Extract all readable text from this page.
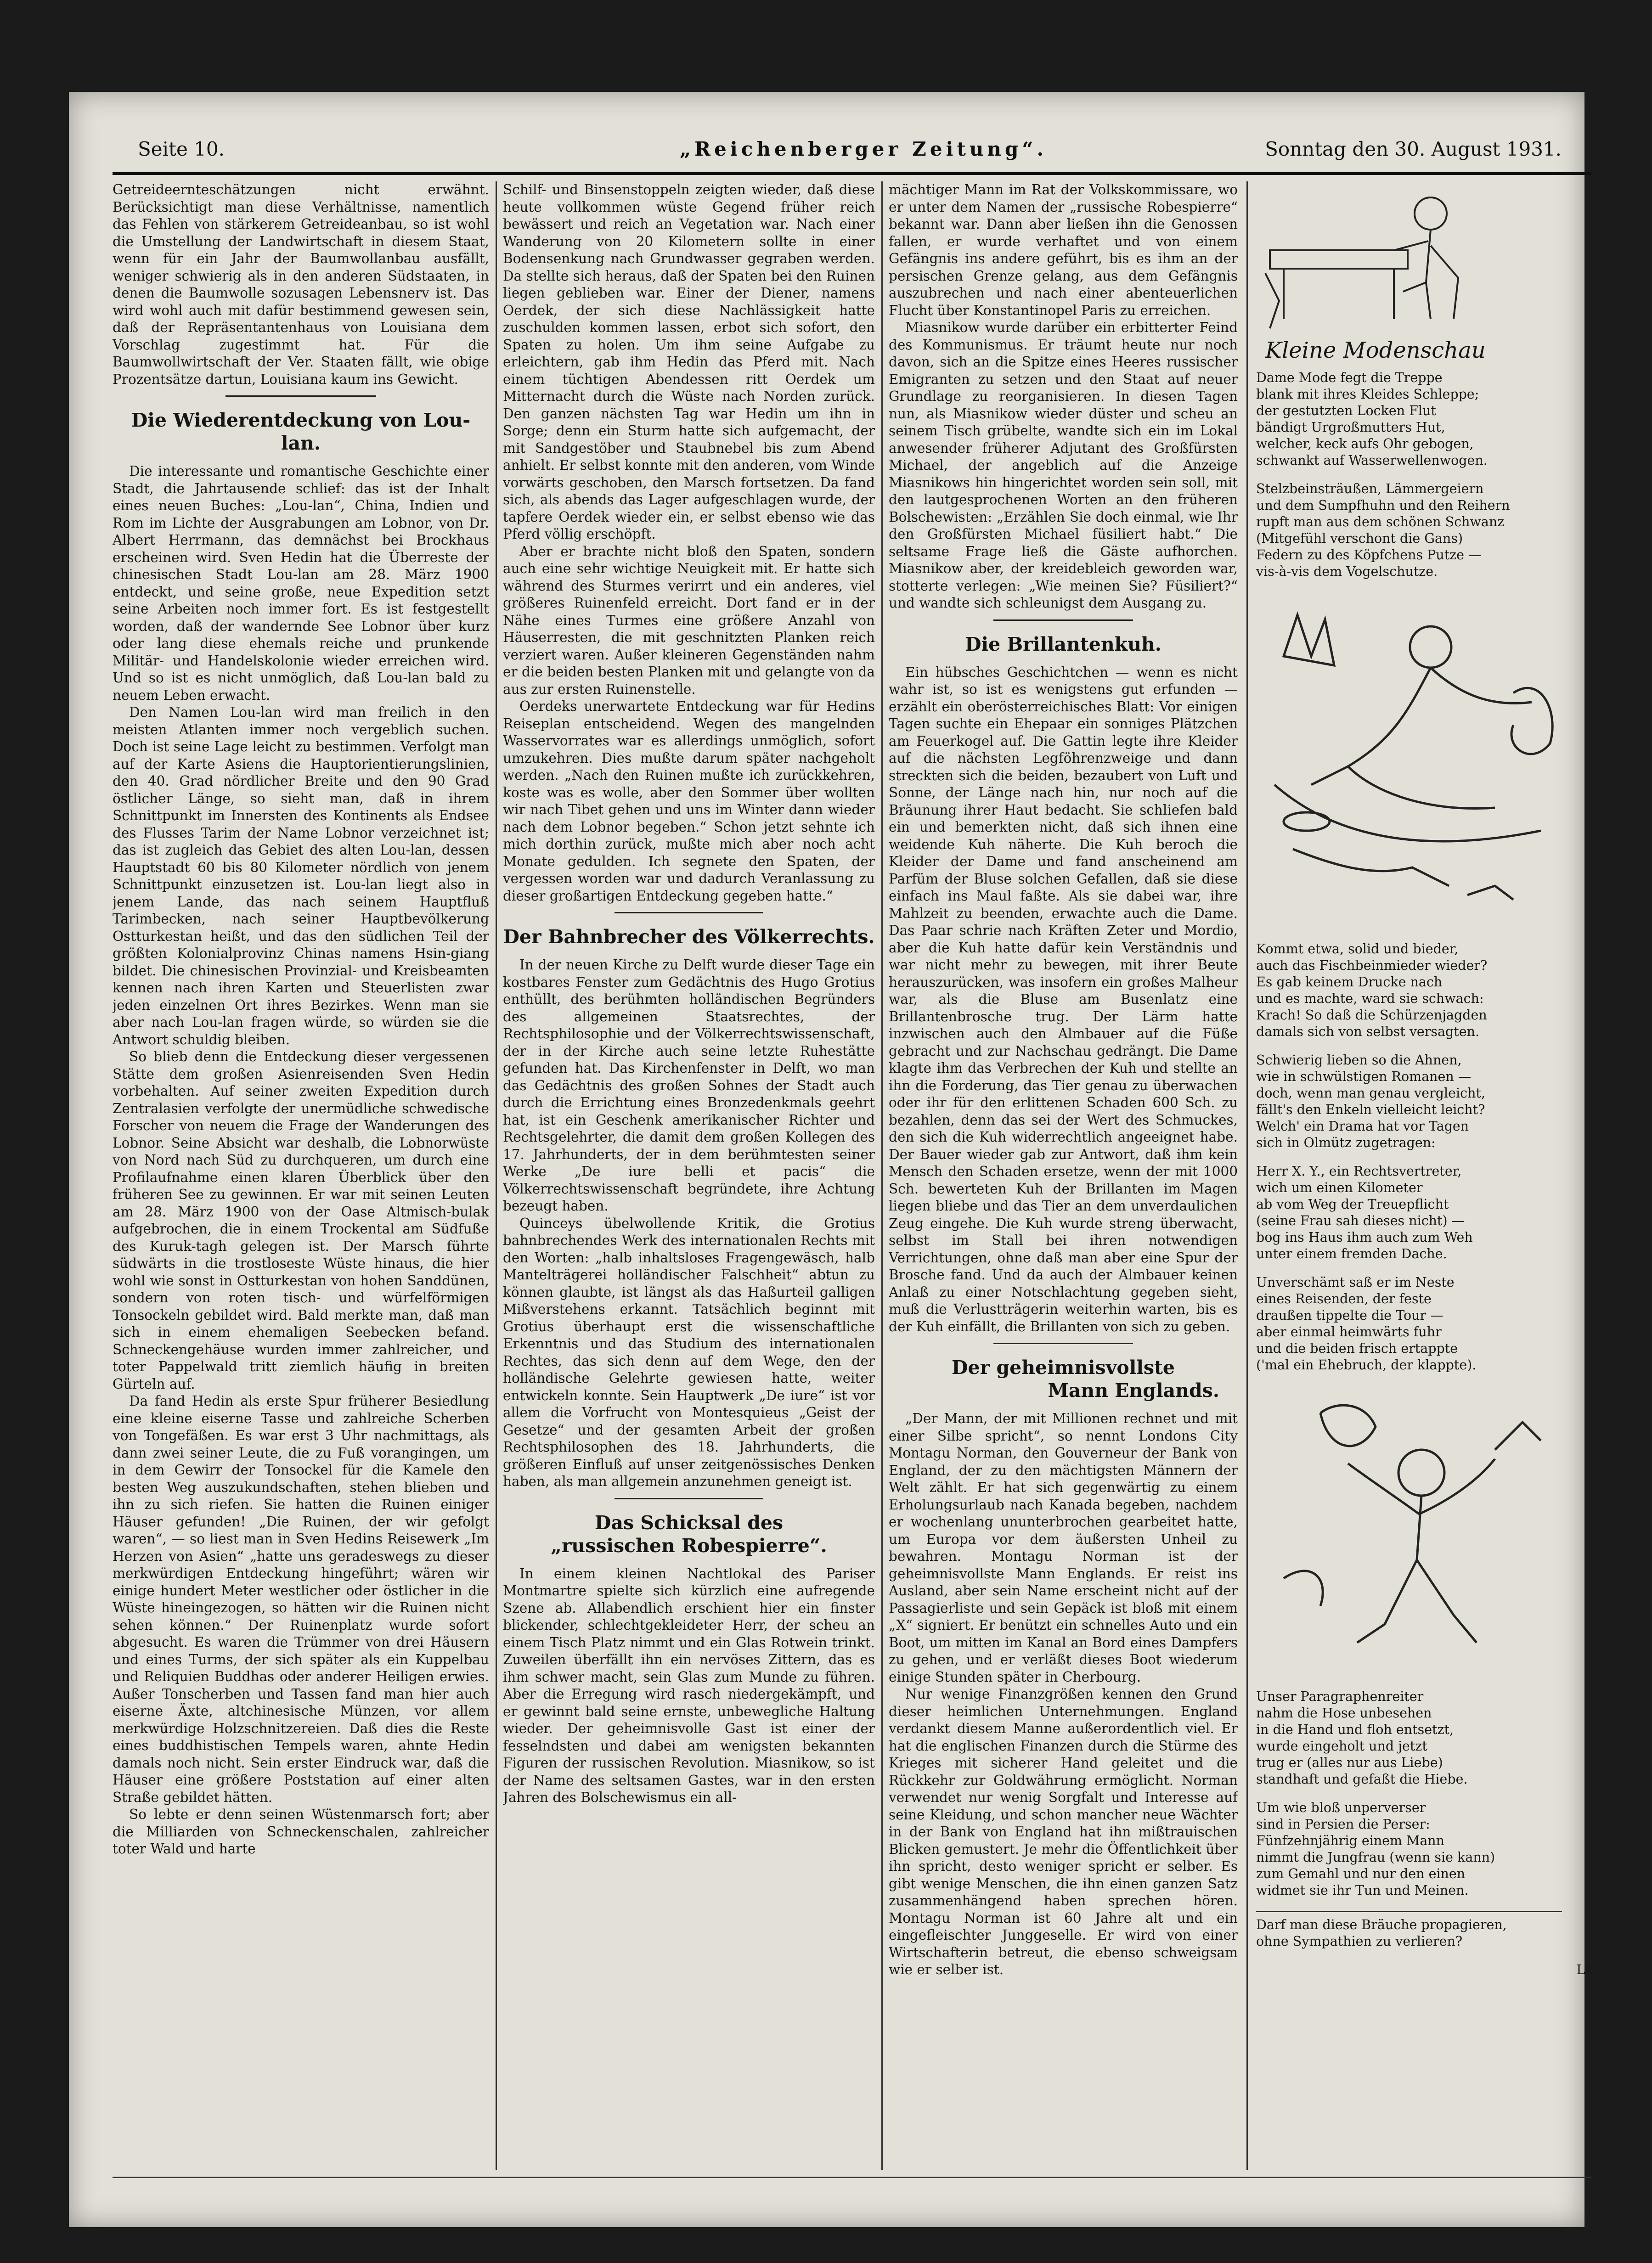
Seite 10.	„Reichenberger Zeitung“.	Sonntag den 30. August 1931.

Getreideernteschätzungen nicht erwähnt. Berücksichtigt man diese Verhältnisse, namentlich das Fehlen von stärkerem Getreideanbau, so ist wohl die Umstellung der Landwirtschaft in diesem Staat, wenn für ein Jahr der Baumwollanbau ausfällt, weniger schwierig als in den anderen Südstaaten, in denen die Baumwolle sozusagen Lebensnerv ist. Das wird wohl auch mit dafür bestimmend gewesen sein, daß der Repräsentantenhaus von Louisiana dem Vorschlag zugestimmt hat. Für die Baumwollwirtschaft der Ver. Staaten fällt, wie obige Prozentsätze dartun, Louisiana kaum ins Gewicht.

Die Wiederentdeckung von Lou-lan.

Die interessante und romantische Geschichte einer Stadt, die Jahrtausende schlief: das ist der Inhalt eines neuen Buches: „Lou-lan“, China, Indien und Rom im Lichte der Ausgrabungen am Lobnor, von Dr. Albert Herrmann, das demnächst bei Brockhaus erscheinen wird. Sven Hedin hat die Überreste der chinesischen Stadt Lou-lan am 28. März 1900 entdeckt, und seine große, neue Expedition setzt seine Arbeiten noch immer fort. Es ist festgestellt worden, daß der wandernde See Lobnor über kurz oder lang diese ehemals reiche und prunkende Militär- und Handelskolonie wieder erreichen wird. Und so ist es nicht unmöglich, daß Lou-lan bald zu neuem Leben erwacht.

Den Namen Lou-lan wird man freilich in den meisten Atlanten immer noch vergeblich suchen. Doch ist seine Lage leicht zu bestimmen. Verfolgt man auf der Karte Asiens die Hauptorientierungslinien, den 40. Grad nördlicher Breite und den 90 Grad östlicher Länge, so sieht man, daß in ihrem Schnittpunkt im Innersten des Kontinents als Endsee des Flusses Tarim der Name Lobnor verzeichnet ist; das ist zugleich das Gebiet des alten Lou-lan, dessen Hauptstadt 60 bis 80 Kilometer nördlich von jenem Schnittpunkt einzusetzen ist. Lou-lan liegt also in jenem Lande, das nach seinem Hauptfluß Tarimbecken, nach seiner Hauptbevölkerung Ostturkestan heißt, und das den südlichen Teil der größten Kolonialprovinz Chinas namens Hsin-giang bildet. Die chinesischen Provinzial- und Kreisbeamten kennen nach ihren Karten und Steuerlisten zwar jeden einzelnen Ort ihres Bezirkes. Wenn man sie aber nach Lou-lan fragen würde, so würden sie die Antwort schuldig bleiben.

So blieb denn die Entdeckung dieser vergessenen Stätte dem großen Asienreisenden Sven Hedin vorbehalten. Auf seiner zweiten Expedition durch Zentralasien verfolgte der unermüdliche schwedische Forscher von neuem die Frage der Wanderungen des Lobnor. Seine Absicht war deshalb, die Lobnorwüste von Nord nach Süd zu durchqueren, um durch eine Profilaufnahme einen klaren Überblick über den früheren See zu gewinnen. Er war mit seinen Leuten am 28. März 1900 von der Oase Altmisch-bulak aufgebrochen, die in einem Trockental am Südfuße des Kuruk-tagh gelegen ist. Der Marsch führte südwärts in die trostloseste Wüste hinaus, die hier wohl wie sonst in Ostturkestan von hohen Sanddünen, sondern von roten tisch- und würfelförmigen Tonsockeln gebildet wird. Bald merkte man, daß man sich in einem ehemaligen Seebecken befand. Schneckengehäuse wurden immer zahlreicher, und toter Pappelwald tritt ziemlich häufig in breiten Gürteln auf.

Da fand Hedin als erste Spur früherer Besiedlung eine kleine eiserne Tasse und zahlreiche Scherben von Tongefäßen. Es war erst 3 Uhr nachmittags, als dann zwei seiner Leute, die zu Fuß vorangingen, um in dem Gewirr der Tonsockel für die Kamele den besten Weg auszukundschaften, stehen blieben und ihn zu sich riefen. Sie hatten die Ruinen einiger Häuser gefunden! „Die Ruinen, der wir gefolgt waren“, — so liest man in Sven Hedins Reisewerk „Im Herzen von Asien“ „hatte uns geradeswegs zu dieser merkwürdigen Entdeckung hingeführt; wären wir einige hundert Meter westlicher oder östlicher in die Wüste hineingezogen, so hätten wir die Ruinen nicht sehen können.“ Der Ruinenplatz wurde sofort abgesucht. Es waren die Trümmer von drei Häusern und eines Turms, der sich später als ein Kuppelbau und Reliquien Buddhas oder anderer Heiligen erwies. Außer Tonscherben und Tassen fand man hier auch eiserne Äxte, altchinesische Münzen, vor allem merkwürdige Holzschnitzereien. Daß dies die Reste eines buddhistischen Tempels waren, ahnte Hedin damals noch nicht. Sein erster Eindruck war, daß die Häuser eine größere Poststation auf einer alten Straße gebildet hätten.

So lebte er denn seinen Wüstenmarsch fort; aber die Milliarden von Schneckenschalen, zahlreicher toter Wald und harte

Schilf- und Binsenstoppeln zeigten wieder, daß diese heute vollkommen wüste Gegend früher reich bewässert und reich an Vegetation war. Nach einer Wanderung von 20 Kilometern sollte in einer Bodensenkung nach Grundwasser gegraben werden. Da stellte sich heraus, daß der Spaten bei den Ruinen liegen geblieben war. Einer der Diener, namens Oerdek, der sich diese Nachlässigkeit hatte zuschulden kommen lassen, erbot sich sofort, den Spaten zu holen. Um ihm seine Aufgabe zu erleichtern, gab ihm Hedin das Pferd mit. Nach einem tüchtigen Abendessen ritt Oerdek um Mitternacht durch die Wüste nach Norden zurück. Den ganzen nächsten Tag war Hedin um ihn in Sorge; denn ein Sturm hatte sich aufgemacht, der mit Sandgestöber und Staubnebel bis zum Abend anhielt. Er selbst konnte mit den anderen, vom Winde vorwärts geschoben, den Marsch fortsetzen. Da fand sich, als abends das Lager aufgeschlagen wurde, der tapfere Oerdek wieder ein, er selbst ebenso wie das Pferd völlig erschöpft.

Aber er brachte nicht bloß den Spaten, sondern auch eine sehr wichtige Neuigkeit mit. Er hatte sich während des Sturmes verirrt und ein anderes, viel größeres Ruinenfeld erreicht. Dort fand er in der Nähe eines Turmes eine größere Anzahl von Häuserresten, die mit geschnitzten Planken reich verziert waren. Außer kleineren Gegenständen nahm er die beiden besten Planken mit und gelangte von da aus zur ersten Ruinenstelle.

Oerdeks unerwartete Entdeckung war für Hedins Reiseplan entscheidend. Wegen des mangelnden Wasservorrates war es allerdings unmöglich, sofort umzukehren. Dies mußte darum später nachgeholt werden. „Nach den Ruinen mußte ich zurückkehren, koste was es wolle, aber den Sommer über wollten wir nach Tibet gehen und uns im Winter dann wieder nach dem Lobnor begeben.“ Schon jetzt sehnte ich mich dorthin zurück, mußte mich aber noch acht Monate gedulden. Ich segnete den Spaten, der vergessen worden war und dadurch Veranlassung zu dieser großartigen Entdeckung gegeben hatte.“

Der Bahnbrecher des Völkerrechts.

In der neuen Kirche zu Delft wurde dieser Tage ein kostbares Fenster zum Gedächtnis des Hugo Grotius enthüllt, des berühmten holländischen Begründers des allgemeinen Staatsrechtes, der Rechtsphilosophie und der Völkerrechtswissenschaft, der in der Kirche auch seine letzte Ruhestätte gefunden hat. Das Kirchenfenster in Delft, wo man das Gedächtnis des großen Sohnes der Stadt auch durch die Errichtung eines Bronzedenkmals geehrt hat, ist ein Geschenk amerikanischer Richter und Rechtsgelehrter, die damit dem großen Kollegen des 17. Jahrhunderts, der in dem berühmtesten seiner Werke „De iure belli et pacis“ die Völkerrechtswissenschaft begründete, ihre Achtung bezeugt haben.

Quinceys übelwollende Kritik, die Grotius bahnbrechendes Werk des internationalen Rechts mit den Worten: „halb inhaltsloses Fragengewäsch, halb Mantelträgerei holländischer Falschheit“ abtun zu können glaubte, ist längst als das Haßurteil galligen Mißverstehens erkannt. Tatsächlich beginnt mit Grotius überhaupt erst die wissenschaftliche Erkenntnis und das Studium des internationalen Rechtes, das sich denn auf dem Wege, den der holländische Gelehrte gewiesen hatte, weiter entwickeln konnte. Sein Hauptwerk „De iure“ ist vor allem die Vorfrucht von Montesquieus „Geist der Gesetze“ und der gesamten Arbeit der großen Rechtsphilosophen des 18. Jahrhunderts, die größeren Einfluß auf unser zeitgenössisches Denken haben, als man allgemein anzunehmen geneigt ist.

Das Schicksal des
„russischen Robespierre“.

In einem kleinen Nachtlokal des Pariser Montmartre spielte sich kürzlich eine aufregende Szene ab. Allabendlich erschient hier ein finster blickender, schlechtgekleideter Herr, der scheu an einem Tisch Platz nimmt und ein Glas Rotwein trinkt. Zuweilen überfällt ihn ein nervöses Zittern, das es ihm schwer macht, sein Glas zum Munde zu führen. Aber die Erregung wird rasch niedergekämpft, und er gewinnt bald seine ernste, unbewegliche Haltung wieder. Der geheimnisvolle Gast ist einer der fesselndsten und dabei am wenigsten bekannten Figuren der russischen Revolution. Miasnikow, so ist der Name des seltsamen Gastes, war in den ersten Jahren des Bolschewismus ein all-

mächtiger Mann im Rat der Volkskommissare, wo er unter dem Namen der „russische Robespierre“ bekannt war. Dann aber ließen ihn die Genossen fallen, er wurde verhaftet und von einem Gefängnis ins andere geführt, bis es ihm an der persischen Grenze gelang, aus dem Gefängnis auszubrechen und nach einer abenteuerlichen Flucht über Konstantinopel Paris zu erreichen.

Miasnikow wurde darüber ein erbitterter Feind des Kommunismus. Er träumt heute nur noch davon, sich an die Spitze eines Heeres russischer Emigranten zu setzen und den Staat auf neuer Grundlage zu reorganisieren. In diesen Tagen nun, als Miasnikow wieder düster und scheu an seinem Tisch grübelte, wandte sich ein im Lokal anwesender früherer Adjutant des Großfürsten Michael, der angeblich auf die Anzeige Miasnikows hin hingerichtet worden sein soll, mit den lautgesprochenen Worten an den früheren Bolschewisten: „Erzählen Sie doch einmal, wie Ihr den Großfürsten Michael füsiliert habt.“ Die seltsame Frage ließ die Gäste aufhorchen. Miasnikow aber, der kreidebleich geworden war, stotterte verlegen: „Wie meinen Sie? Füsiliert?“ und wandte sich schleunigst dem Ausgang zu.

Die Brillantenkuh.

Ein hübsches Geschichtchen — wenn es nicht wahr ist, so ist es wenigstens gut erfunden — erzählt ein oberösterreichisches Blatt: Vor einigen Tagen suchte ein Ehepaar ein sonniges Plätzchen am Feuerkogel auf. Die Gattin legte ihre Kleider auf die nächsten Legföhrenzweige und dann streckten sich die beiden, bezaubert von Luft und Sonne, der Länge nach hin, nur noch auf die Bräunung ihrer Haut bedacht. Sie schliefen bald ein und bemerkten nicht, daß sich ihnen eine weidende Kuh näherte. Die Kuh beroch die Kleider der Dame und fand anscheinend am Parfüm der Bluse solchen Gefallen, daß sie diese einfach ins Maul faßte. Als sie dabei war, ihre Mahlzeit zu beenden, erwachte auch die Dame. Das Paar schrie nach Kräften Zeter und Mordio, aber die Kuh hatte dafür kein Verständnis und war nicht mehr zu bewegen, mit ihrer Beute herauszurücken, was insofern ein großes Malheur war, als die Bluse am Busenlatz eine Brillantenbrosche trug. Der Lärm hatte inzwischen auch den Almbauer auf die Füße gebracht und zur Nachschau gedrängt. Die Dame klagte ihm das Verbrechen der Kuh und stellte an ihn die Forderung, das Tier genau zu überwachen oder ihr für den erlittenen Schaden 600 Sch. zu bezahlen, denn das sei der Wert des Schmuckes, den sich die Kuh widerrechtlich angeeignet habe. Der Bauer wieder gab zur Antwort, daß ihm kein Mensch den Schaden ersetze, wenn der mit 1000 Sch. bewerteten Kuh der Brillanten im Magen liegen bliebe und das Tier an dem unverdaulichen Zeug eingehe. Die Kuh wurde streng überwacht, selbst im Stall bei ihren notwendigen Verrichtungen, ohne daß man aber eine Spur der Brosche fand. Und da auch der Almbauer keinen Anlaß zu einer Notschlachtung gegeben sieht, muß die Verlustträgerin weiterhin warten, bis es der Kuh einfällt, die Brillanten von sich zu geben.

Der geheimnisvollste
Mann Englands.

„Der Mann, der mit Millionen rechnet und mit einer Silbe spricht“, so nennt Londons City Montagu Norman, den Gouverneur der Bank von England, der zu den mächtigsten Männern der Welt zählt. Er hat sich gegenwärtig zu einem Erholungsurlaub nach Kanada begeben, nachdem er wochenlang ununterbrochen gearbeitet hatte, um Europa vor dem äußersten Unheil zu bewahren. Montagu Norman ist der geheimnisvollste Mann Englands. Er reist ins Ausland, aber sein Name erscheint nicht auf der Passagierliste und sein Gepäck ist bloß mit einem „X“ signiert. Er benützt ein schnelles Auto und ein Boot, um mitten im Kanal an Bord eines Dampfers zu gehen, und er verläßt dieses Boot wiederum einige Stunden später in Cherbourg.

Nur wenige Finanzgrößen kennen den Grund dieser heimlichen Unternehmungen. England verdankt diesem Manne außerordentlich viel. Er hat die englischen Finanzen durch die Stürme des Krieges mit sicherer Hand geleitet und die Rückkehr zur Goldwährung ermöglicht. Norman verwendet nur wenig Sorgfalt und Interesse auf seine Kleidung, und schon mancher neue Wächter in der Bank von England hat ihn mißtrauischen Blicken gemustert. Je mehr die Öffentlichkeit über ihn spricht, desto weniger spricht er selber. Es gibt wenige Menschen, die ihn einen ganzen Satz zusammenhängend haben sprechen hören. Montagu Norman ist 60 Jahre alt und ein eingefleischter Junggeselle. Er wird von einer Wirtschafterin betreut, die ebenso schweigsam wie er selber ist.

Kleine Modenschau

Dame Mode fegt die Treppe
blank mit ihres Kleides Schleppe;
der gestutzten Locken Flut
bändigt Urgroßmutters Hut,
welcher, keck aufs Ohr gebogen,
schwankt auf Wasserwellenwogen.

Stelzbeinsträußen, Lämmergeiern
und dem Sumpfhuhn und den Reihern
rupft man aus dem schönen Schwanz
(Mitgefühl verschont die Gans)
Federn zu des Köpfchens Putze —
vis-à-vis dem Vogelschutze.

Kommt etwa, solid und bieder,
auch das Fischbeinmieder wieder?
Es gab keinem Drucke nach
und es machte, ward sie schwach:
Krach! So daß die Schürzenjagden
damals sich von selbst versagten.

Schwierig lieben so die Ahnen,
wie in schwülstigen Romanen —
doch, wenn man genau vergleicht,
fällt's den Enkeln vielleicht leicht?
Welch' ein Drama hat vor Tagen
sich in Olmütz zugetragen:

Herr X. Y., ein Rechtsvertreter,
wich um einen Kilometer
ab vom Weg der Treuepflicht
(seine Frau sah dieses nicht) —
bog ins Haus ihm auch zum Weh
unter einem fremden Dache.

Unverschämt saß er im Neste
eines Reisenden, der feste
draußen tippelte die Tour —
aber einmal heimwärts fuhr
und die beiden frisch ertappte
('mal ein Ehebruch, der klappte).

Unser Paragraphenreiter
nahm die Hose unbesehen
in die Hand und floh entsetzt,
wurde eingeholt und jetzt
trug er (alles nur aus Liebe)
standhaft und gefaßt die Hiebe.

Um wie bloß unperverser
sind in Persien die Perser:
Fünfzehnjährig einem Mann
nimmt die Jungfrau (wenn sie kann)
zum Gemahl und nur den einen
widmet sie ihr Tun und Meinen.

Darf man diese Bräuche propagieren,
ohne Sympathien zu verlieren?

Ls.
